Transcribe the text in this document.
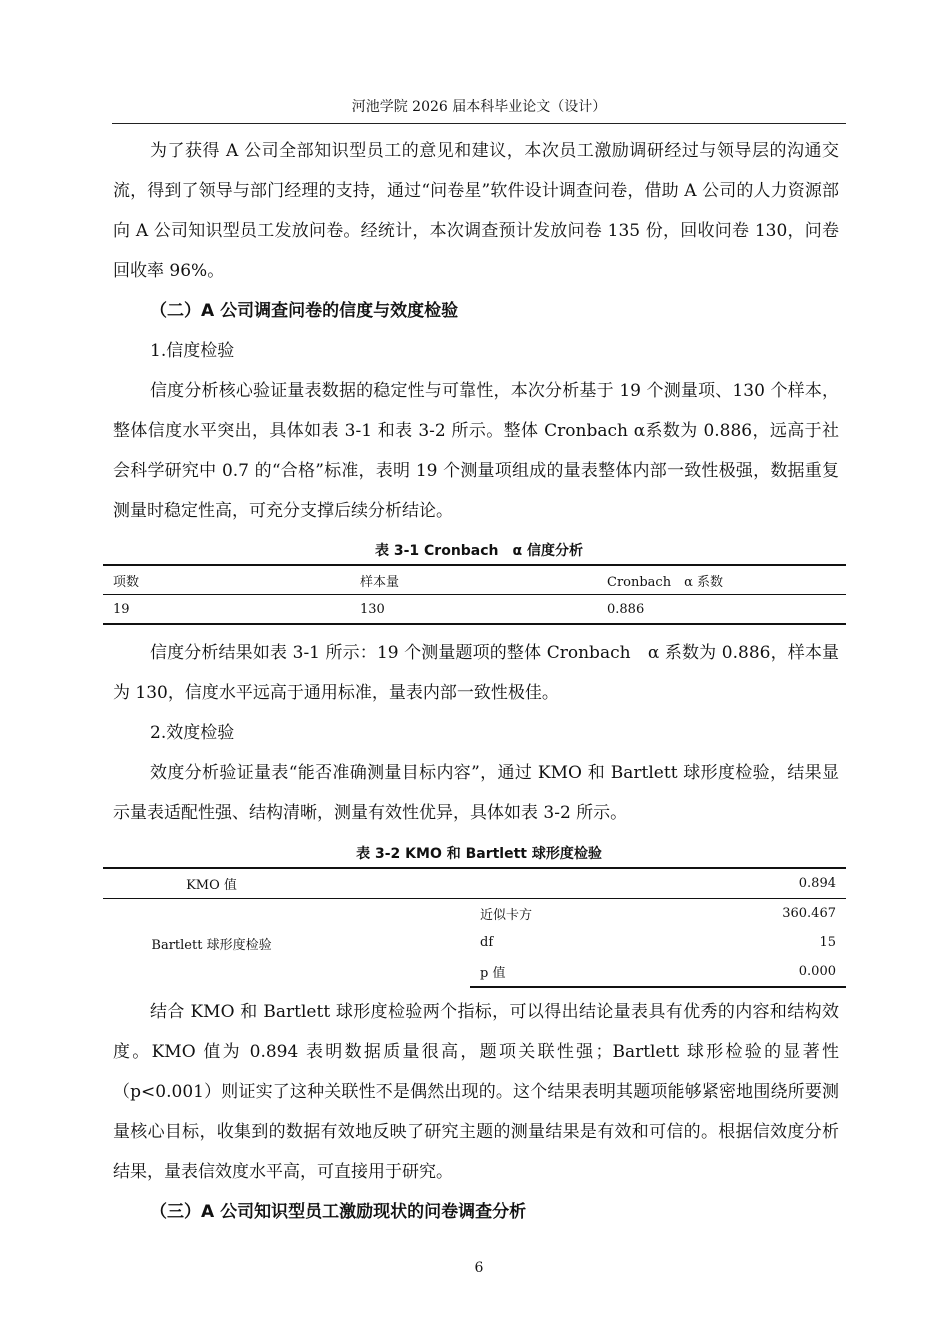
河池学院 2026 届本科毕业论文（设计）

为了获得 A 公司全部知识型员工的意见和建议，本次员工激励调研经过与领导层的沟通交流，得到了领导与部门经理的支持，通过“问卷星”软件设计调查问卷，借助 A 公司的人力资源部向 A 公司知识型员工发放问卷。经统计，本次调查预计发放问卷 135 份，回收问卷 130，问卷回收率 96%。

（二）A 公司调查问卷的信度与效度检验
1.信度检验

信度分析核心验证量表数据的稳定性与可靠性，本次分析基于 19 个测量项、130 个样本，整体信度水平突出，具体如表 3-1 和表 3-2 所示。整体 Cronbach α系数为 0.886，远高于社会科学研究中 0.7 的“合格”标准，表明 19 个测量项组成的量表整体内部一致性极强，数据重复测量时稳定性高，可充分支撑后续分析结论。

表 3-1 Cronbach　α 信度分析
项数	样本量	Cronbach　α 系数
19	130	0.886

信度分析结果如表 3-1 所示：19 个测量题项的整体 Cronbach　α 系数为 0.886，样本量为 130，信度水平远高于通用标准，量表内部一致性极佳。

2.效度检验

效度分析验证量表“能否准确测量目标内容”，通过 KMO 和 Bartlett 球形度检验，结果显示量表适配性强、结构清晰，测量有效性优异，具体如表 3-2 所示。

表 3-2 KMO 和 Bartlett 球形度检验
KMO 值		0.894
Bartlett 球形度检验	近似卡方	360.467
	df	15
	p 值	0.000

结合 KMO 和 Bartlett 球形度检验两个指标，可以得出结论量表具有优秀的内容和结构效度。KMO 值为 0.894 表明数据质量很高，题项关联性强；Bartlett 球形检验的显著性（p<0.001）则证实了这种关联性不是偶然出现的。这个结果表明其题项能够紧密地围绕所要测量核心目标，收集到的数据有效地反映了研究主题的测量结果是有效和可信的。根据信效度分析结果，量表信效度水平高，可直接用于研究。

（三）A 公司知识型员工激励现状的问卷调查分析
6
